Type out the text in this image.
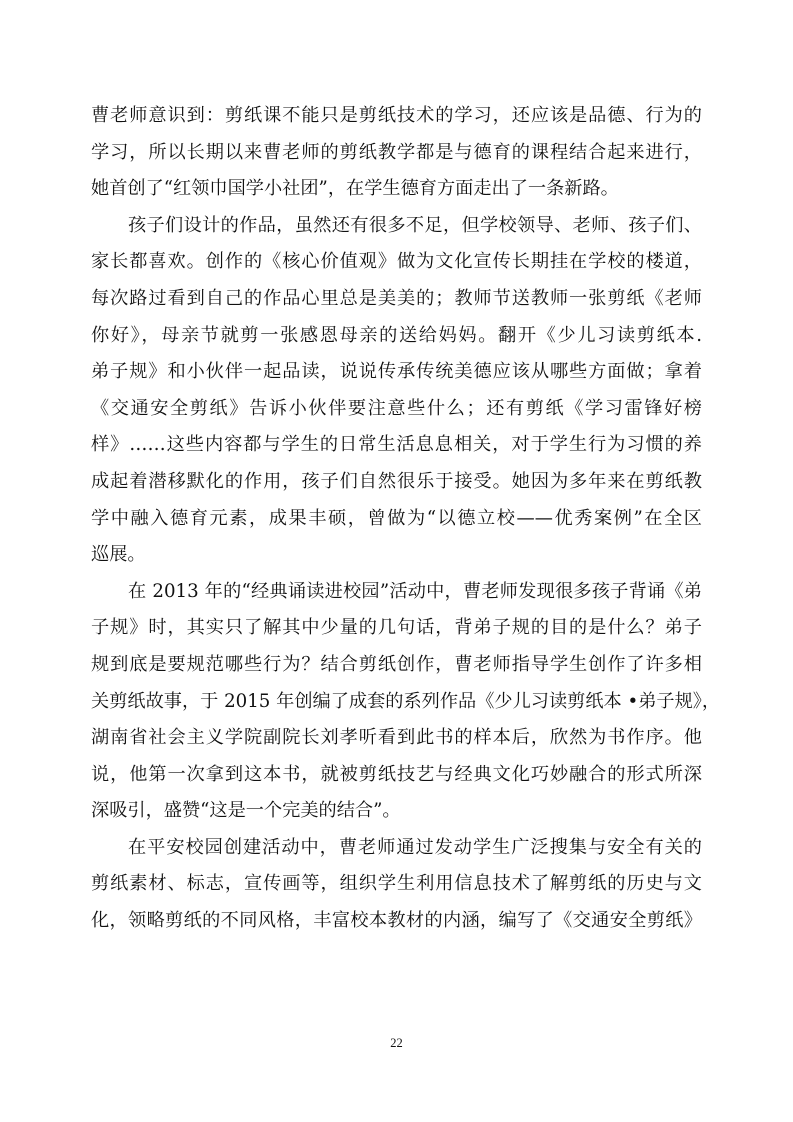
曹老师意识到：剪纸课不能只是剪纸技术的学习，还应该是品德、行为的
学习，所以长期以来曹老师的剪纸教学都是与德育的课程结合起来进行，
她首创了“红领巾国学小社团”，在学生德育方面走出了一条新路。
孩子们设计的作品，虽然还有很多不足，但学校领导、老师、孩子们、
家长都喜欢。创作的《核心价值观》做为文化宣传长期挂在学校的楼道，
每次路过看到自己的作品心里总是美美的；教师节送教师一张剪纸《老师
你好》，母亲节就剪一张感恩母亲的送给妈妈。翻开《少儿习读剪纸本.
弟子规》和小伙伴一起品读，说说传承传统美德应该从哪些方面做；拿着
《交通安全剪纸》告诉小伙伴要注意些什么；还有剪纸《学习雷锋好榜
样》……这些内容都与学生的日常生活息息相关，对于学生行为习惯的养
成起着潜移默化的作用，孩子们自然很乐于接受。她因为多年来在剪纸教
学中融入德育元素，成果丰硕，曾做为“以德立校——优秀案例”在全区
巡展。
在 2013 年的“经典诵读进校园”活动中，曹老师发现很多孩子背诵《弟
子规》时，其实只了解其中少量的几句话，背弟子规的目的是什么？弟子
规到底是要规范哪些行为？结合剪纸创作，曹老师指导学生创作了许多相
关剪纸故事，于 2015 年创编了成套的系列作品《少儿习读剪纸本 •弟子规》，
湖南省社会主义学院副院长刘孝听看到此书的样本后，欣然为书作序。他
说，他第一次拿到这本书，就被剪纸技艺与经典文化巧妙融合的形式所深
深吸引，盛赞“这是一个完美的结合”。
在平安校园创建活动中，曹老师通过发动学生广泛搜集与安全有关的
剪纸素材、标志，宣传画等，组织学生利用信息技术了解剪纸的历史与文
化，领略剪纸的不同风格，丰富校本教材的内涵，编写了《交通安全剪纸》
22
